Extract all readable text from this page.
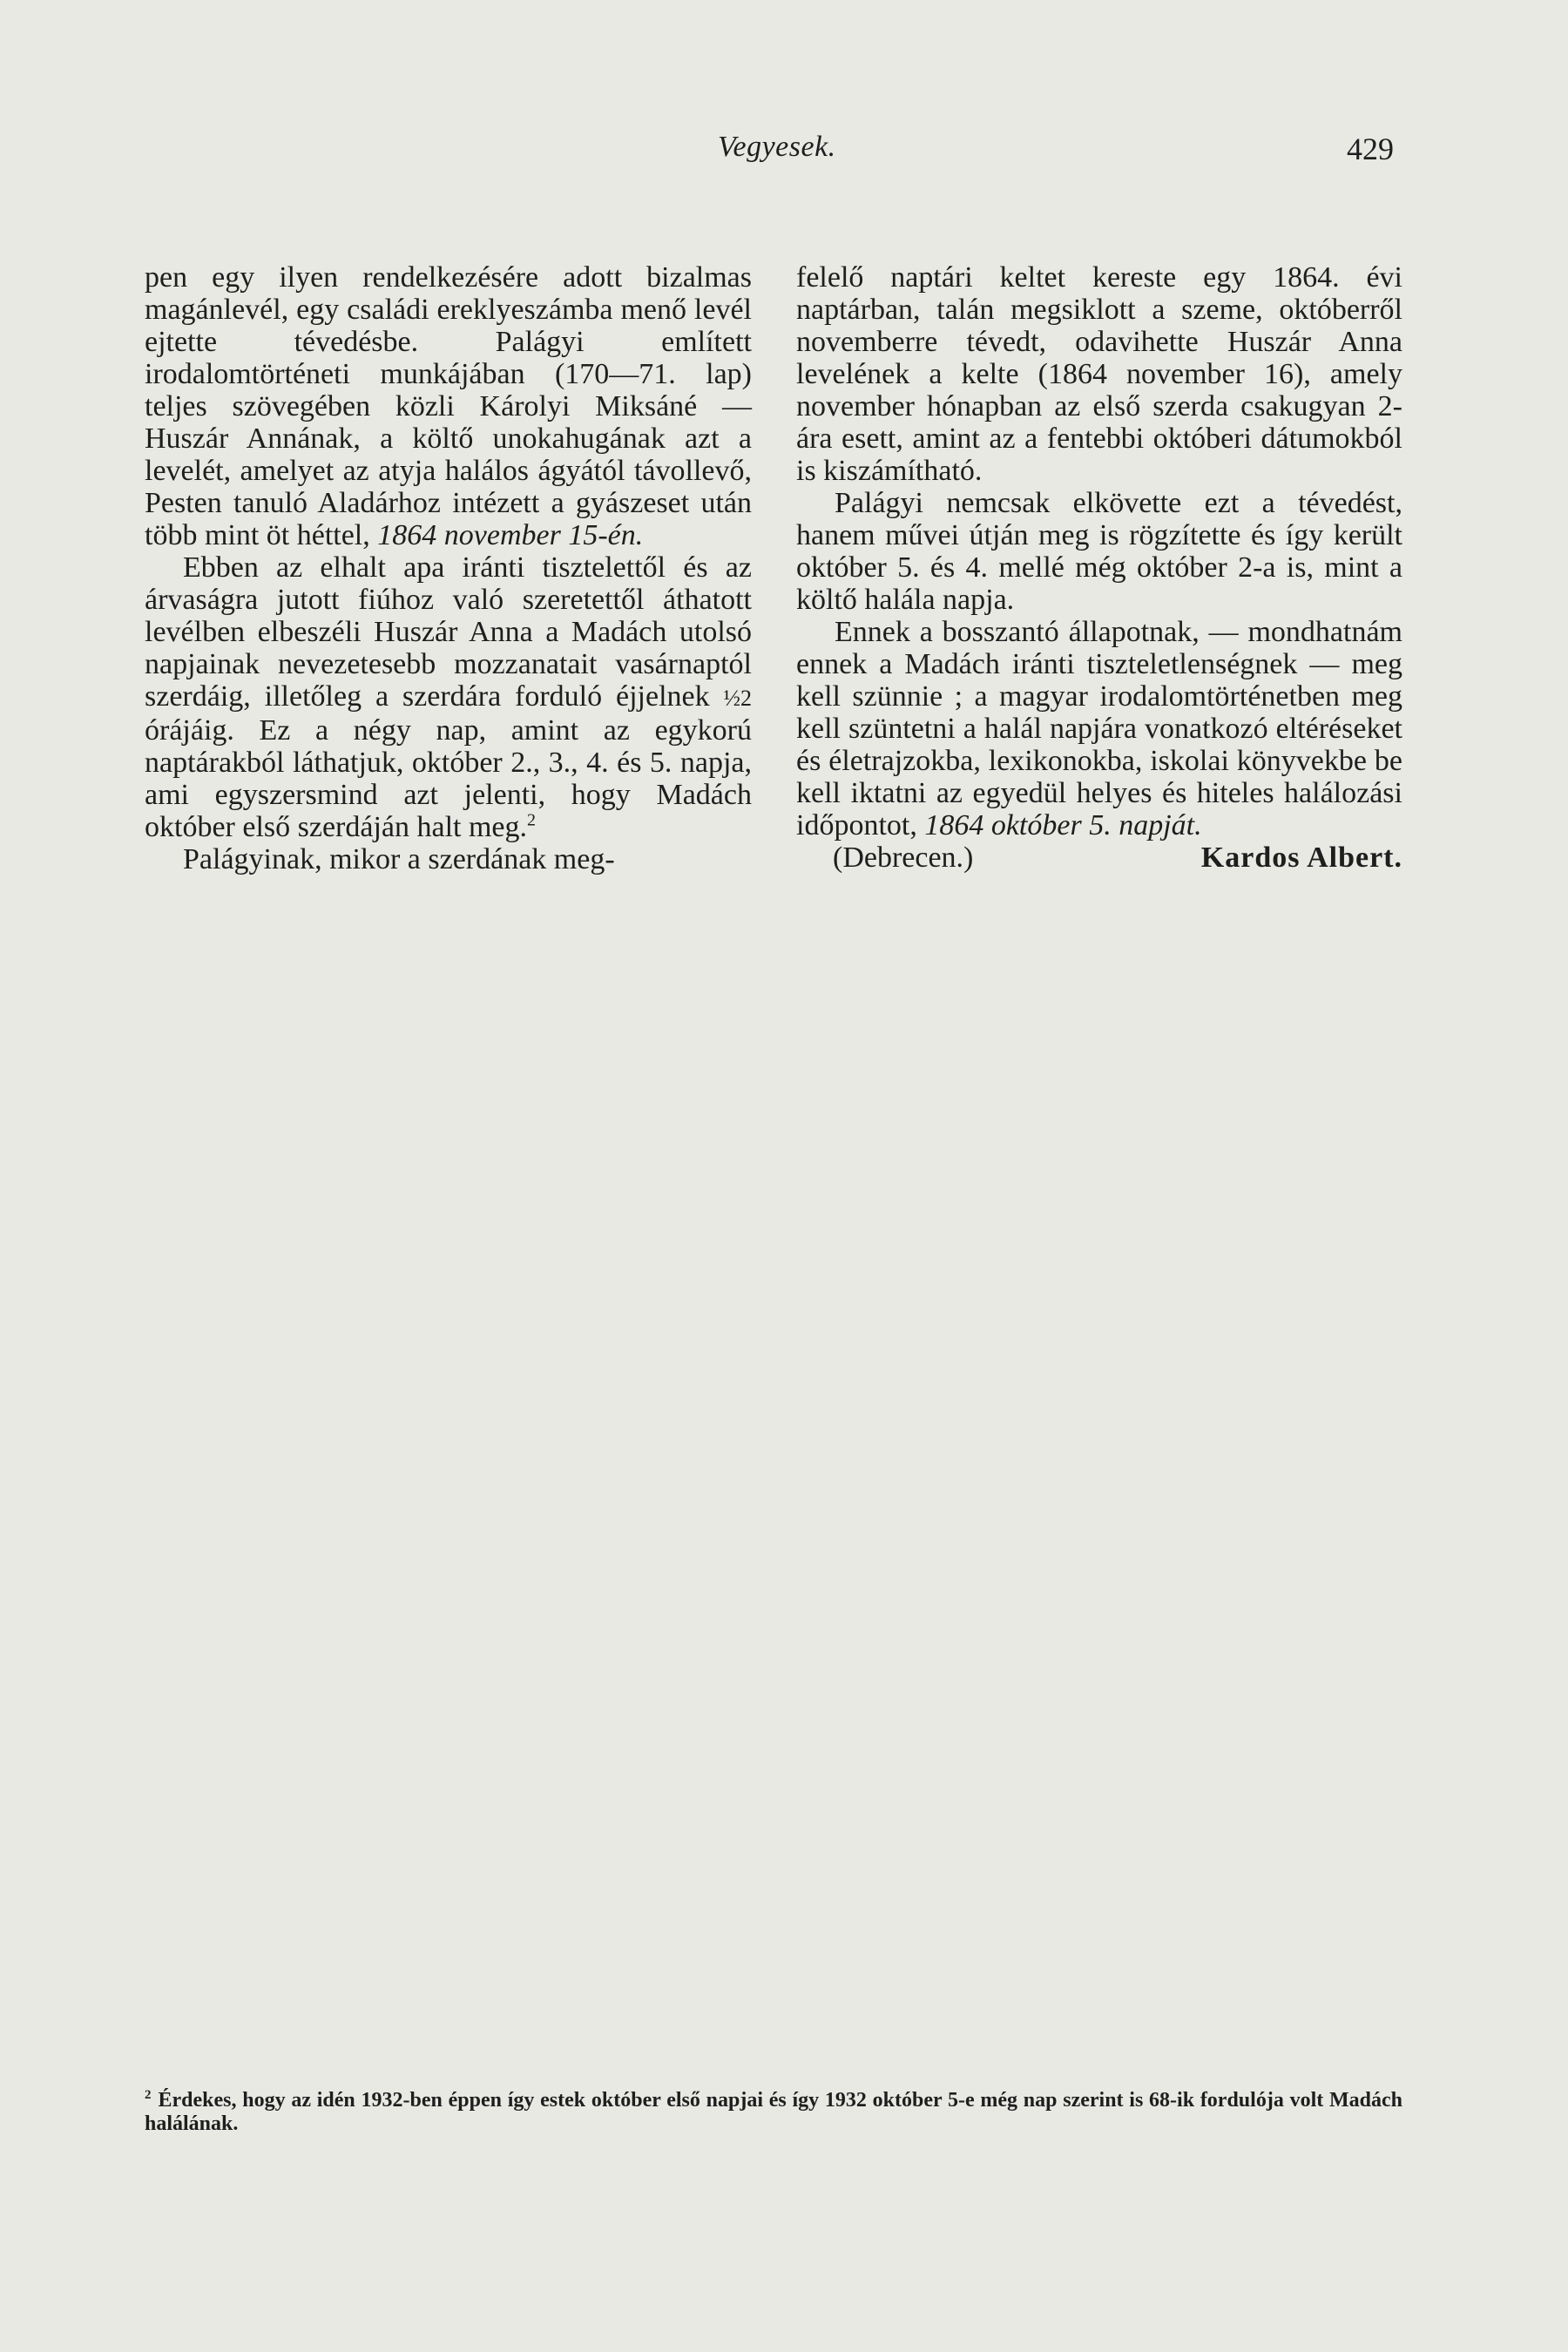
Vegyesek.	429

pen egy ilyen rendelkezésére adott bizalmas magánlevél, egy családi ereklyeszámba menő levél ejtette tévedésbe. Palágyi említett irodalomtörténeti munkájában (170—71. lap) teljes szövegében közli Károlyi Miksáné — Huszár Annának, a költő unokahugának azt a levelét, amelyet az atyja halálos ágyától távollevő, Pesten tanuló Aladárhoz intézett a gyászeset után több mint öt héttel, 1864 november 15-én.

Ebben az elhalt apa iránti tisztelettől és az árvaságra jutott fiúhoz való szeretettől áthatott levélben elbeszéli Huszár Anna a Madách utolsó napjainak nevezetesebb mozzanatait vasárnaptól szerdáig, illetőleg a szerdára forduló éjjelnek ½2 órájáig. Ez a négy nap, amint az egykorú naptárakból láthatjuk, október 2., 3., 4. és 5. napja, ami egyszersmind azt jelenti, hogy Madách október első szerdáján halt meg.$^2$

Palágyinak, mikor a szerdának meg-

felelő naptári keltet kereste egy 1864. évi naptárban, talán megsiklott a szeme, októberről novemberre tévedt, odavihette Huszár Anna levelének a kelte (1864 november 16), amely november hónapban az első szerda csakugyan 2-ára esett, amint az a fentebbi októberi dátumokból is kiszámítható.

Palágyi nemcsak elkövette ezt a tévedést, hanem művei útján meg is rögzítette és így került október 5. és 4. mellé még október 2-a is, mint a költő halála napja.

Ennek a bosszantó állapotnak, — mondhatnám ennek a Madách iránti tiszteletlenségnek — meg kell szünnie ; a magyar irodalomtörténetben meg kell szüntetni a halál napjára vonatkozó eltéréseket és életrajzokba, lexikonokba, iskolai könyvekbe be kell iktatni az egyedül helyes és hiteles halálozási időpontot, 1864 október 5. napját.

(Debrecen.)	Kardos Albert.
$^2$ Érdekes, hogy az idén 1932-ben éppen így estek október első napjai és így 1932 október 5-e még nap szerint is 68-ik fordulója volt Madách halálának.
